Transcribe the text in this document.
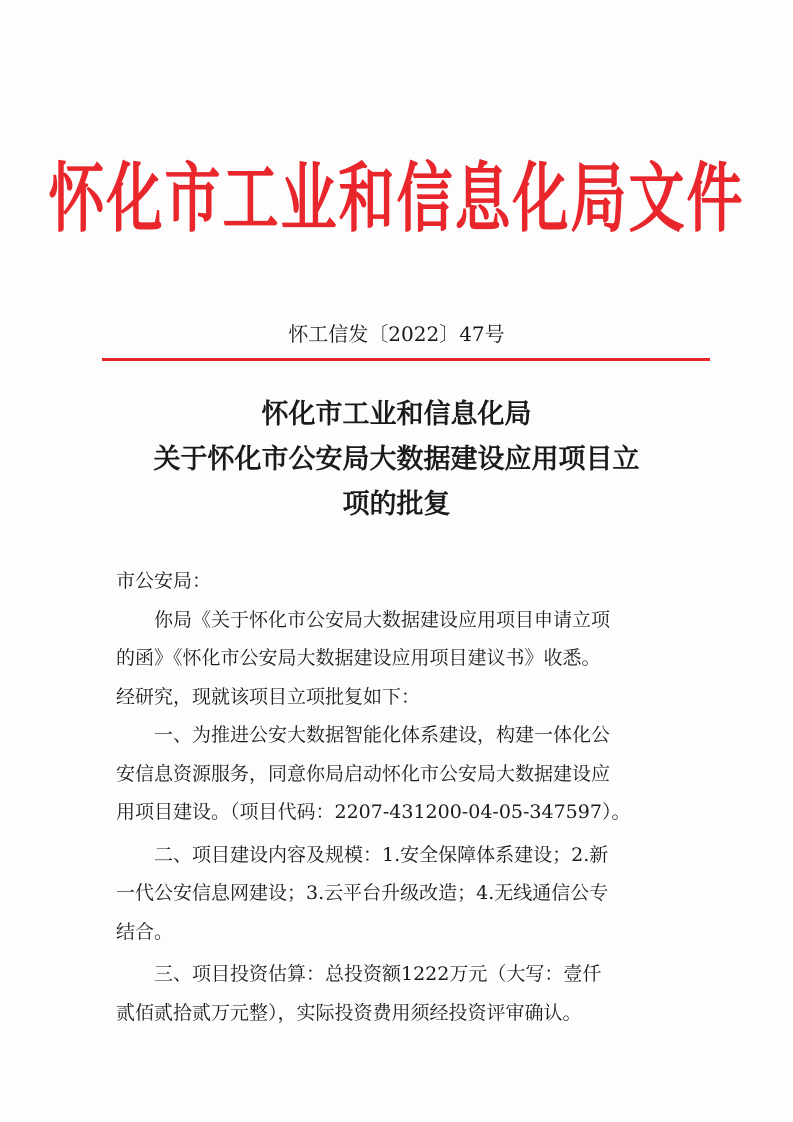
怀化市工业和信息化局文件
怀工信发〔2022〕47号
怀化市工业和信息化局
关于怀化市公安局大数据建设应用项目立
项的批复

市公安局：

你局《关于怀化市公安局大数据建设应用项目申请立项

的函》《怀化市公安局大数据建设应用项目建议书》收悉。

经研究，现就该项目立项批复如下：

一、为推进公安大数据智能化体系建设，构建一体化公

安信息资源服务，同意你局启动怀化市公安局大数据建设应

用项目建设。（项目代码：2207-431200-04-05-347597）。

二、项目建设内容及规模：1.安全保障体系建设；2.新

一代公安信息网建设；3.云平台升级改造；4.无线通信公专

结合。

三、项目投资估算：总投资额1222万元（大写：壹仟

贰佰贰拾贰万元整），实际投资费用须经投资评审确认。
